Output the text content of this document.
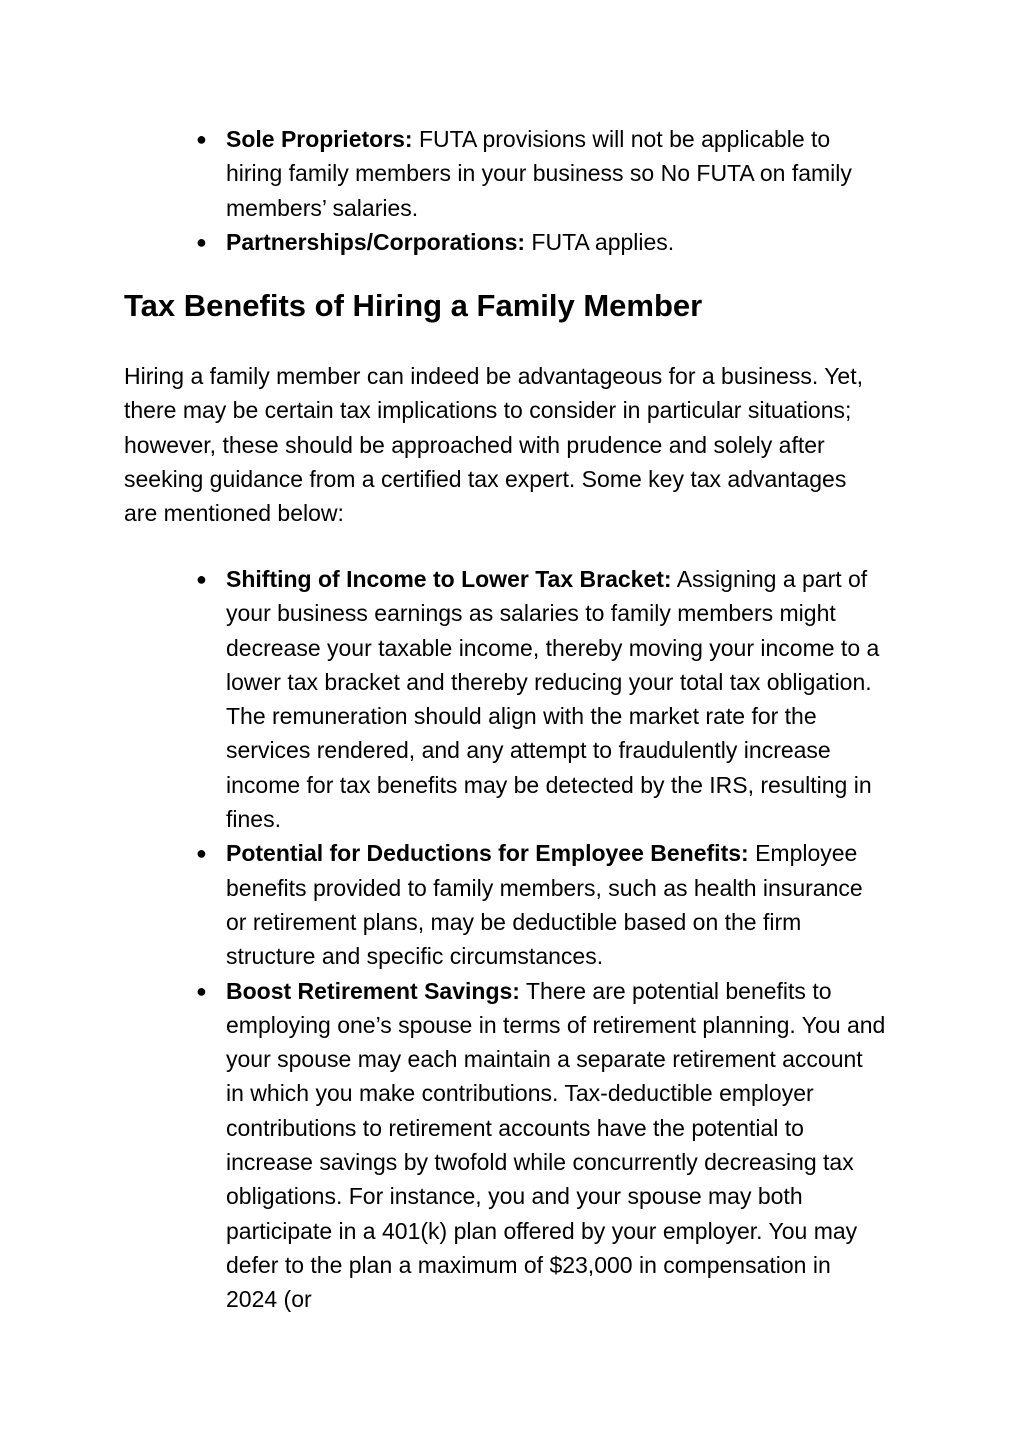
● Sole Proprietors: FUTA provisions will not be applicable to hiring family members in your business so No FUTA on family members’ salaries.
● Partnerships/Corporations: FUTA applies.
Tax Benefits of Hiring a Family Member

Hiring a family member can indeed be advantageous for a business. Yet, there may be certain tax implications to consider in particular situations; however, these should be approached with prudence and solely after seeking guidance from a certified tax expert. Some key tax advantages are mentioned below:

● Shifting of Income to Lower Tax Bracket: Assigning a part of your business earnings as salaries to family members might decrease your taxable income, thereby moving your income to a lower tax bracket and thereby reducing your total tax obligation. The remuneration should align with the market rate for the services rendered, and any attempt to fraudulently increase income for tax benefits may be detected by the IRS, resulting in fines.
● Potential for Deductions for Employee Benefits: Employee benefits provided to family members, such as health insurance or retirement plans, may be deductible based on the firm structure and specific circumstances.
● Boost Retirement Savings: There are potential benefits to employing one’s spouse in terms of retirement planning. You and your spouse may each maintain a separate retirement account in which you make contributions. Tax-deductible employer contributions to retirement accounts have the potential to increase savings by twofold while concurrently decreasing tax obligations. For instance, you and your spouse may both participate in a 401(k) plan offered by your employer. You may defer to the plan a maximum of $23,000 in compensation in 2024 (or
